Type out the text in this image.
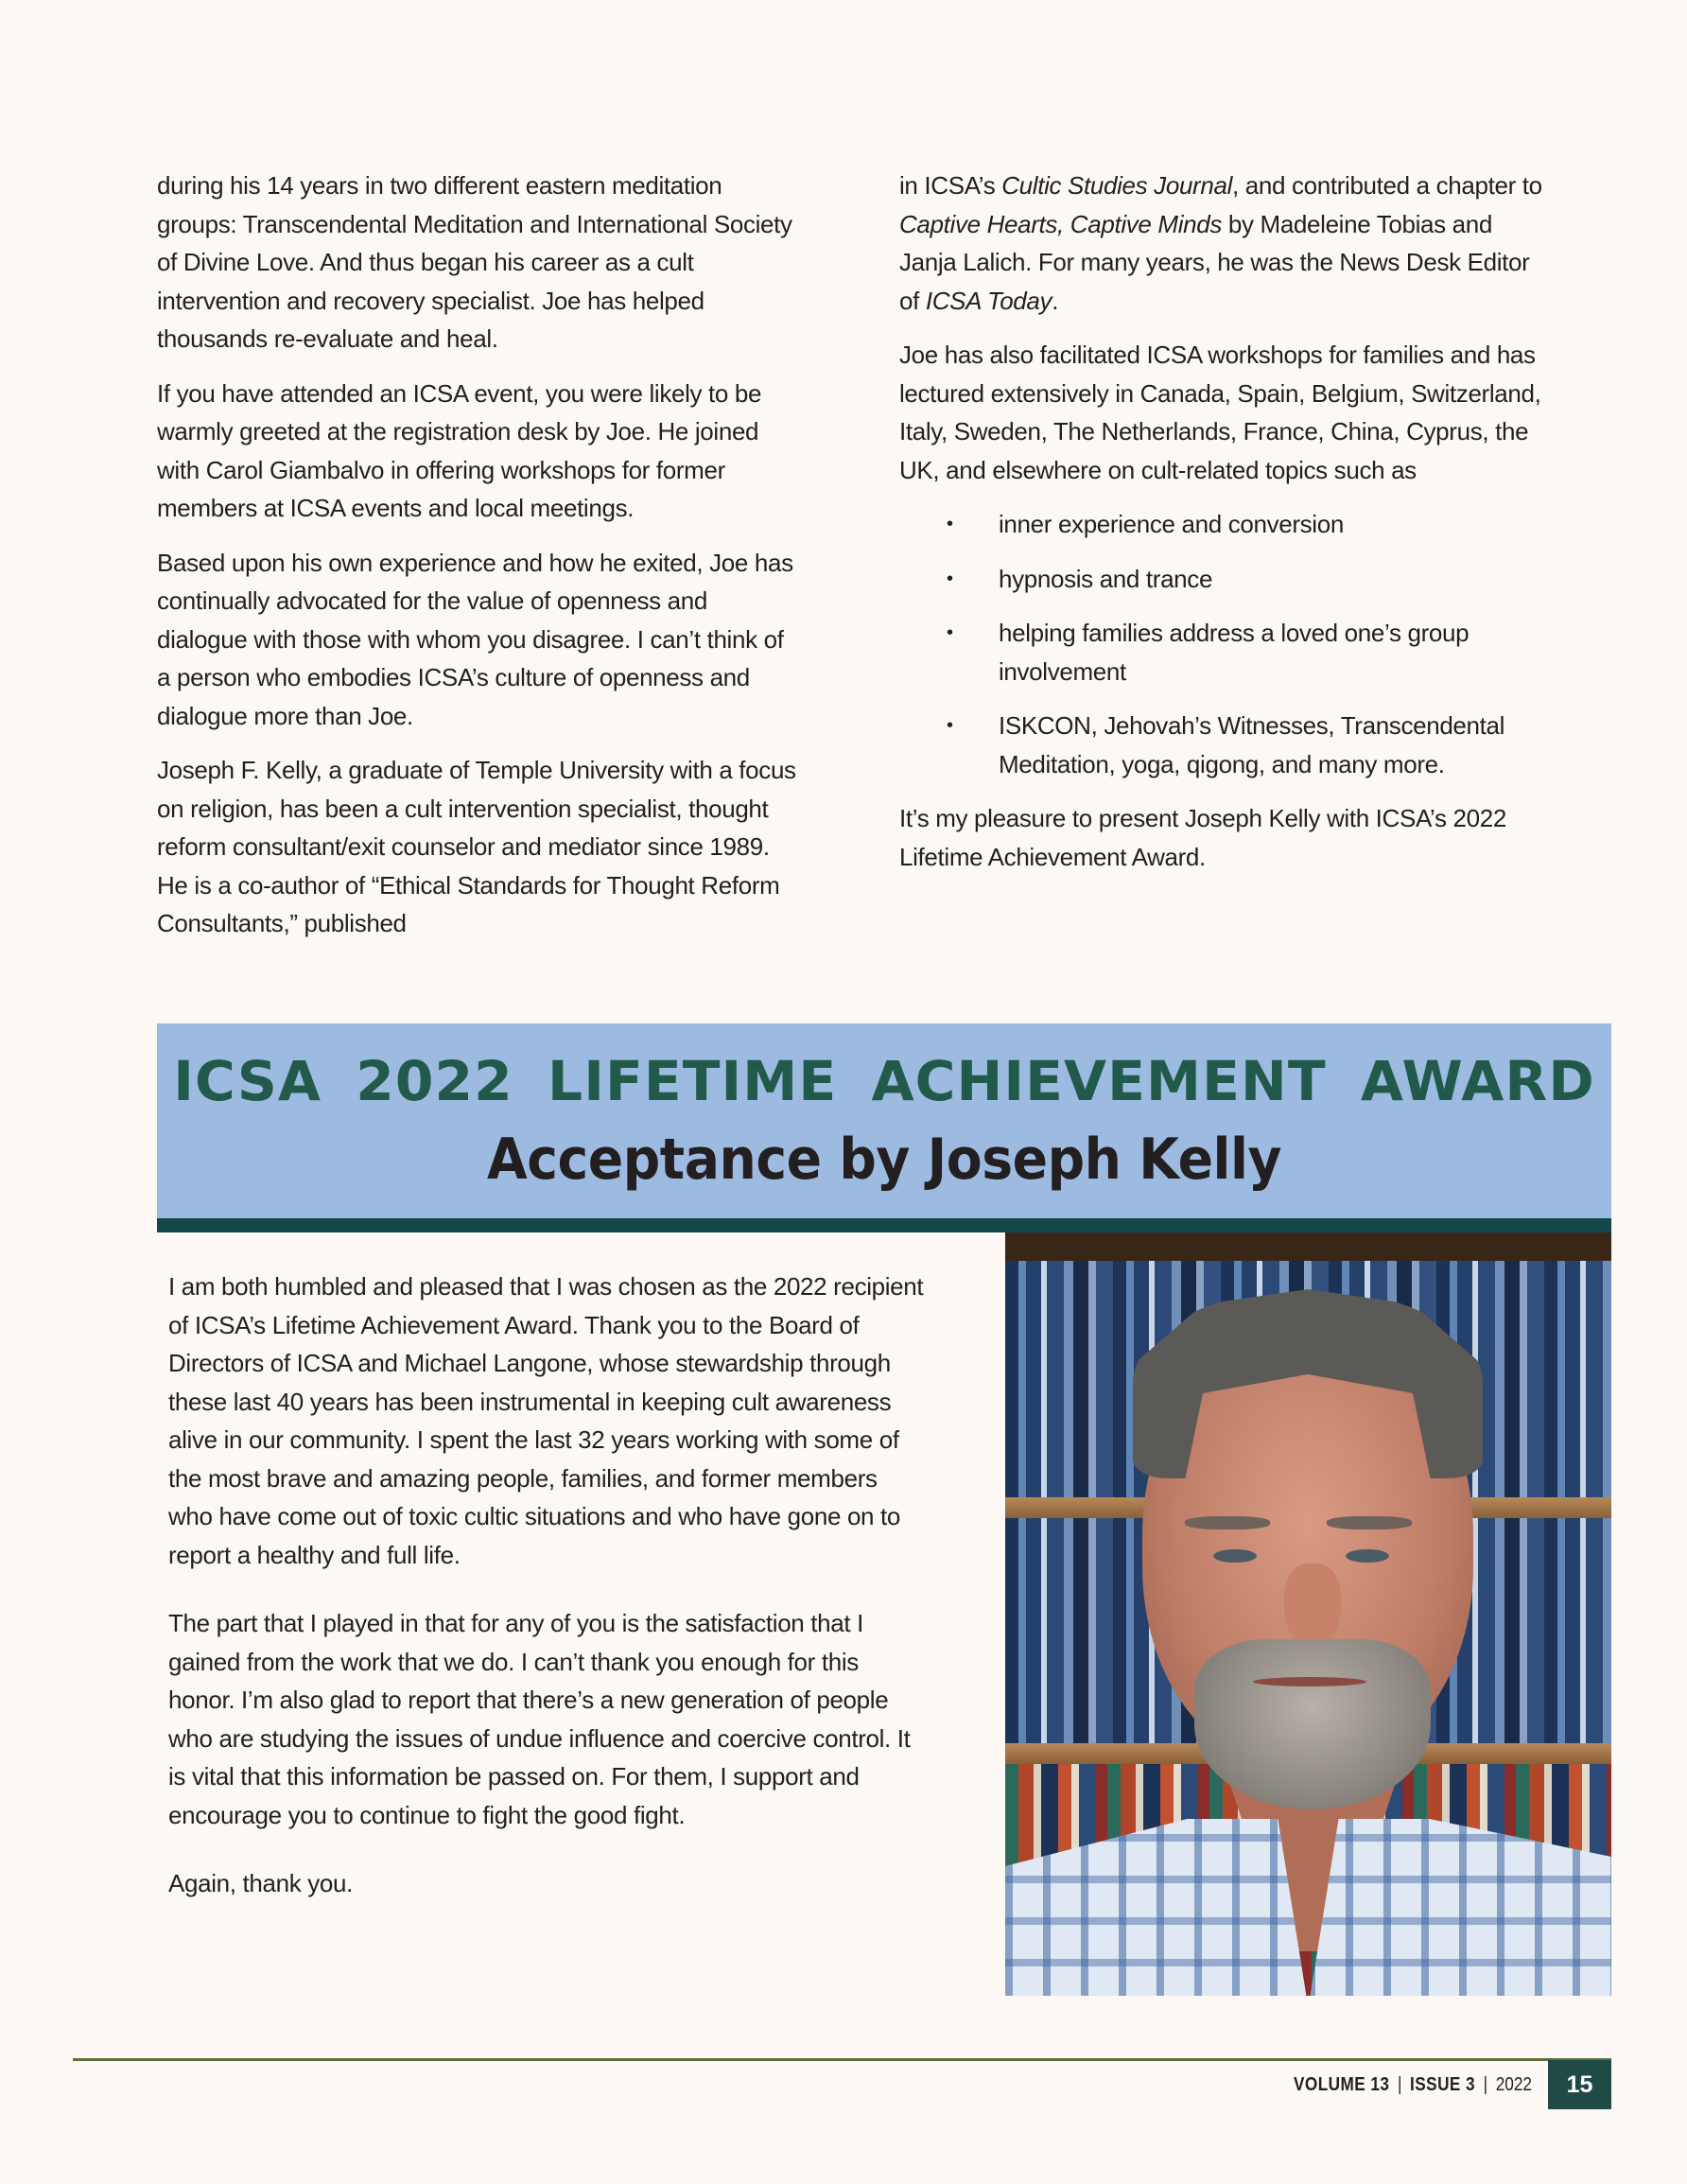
during his 14 years in two different eastern meditation groups: Transcendental Meditation and International Society of Divine Love. And thus began his career as a cult intervention and recovery specialist. Joe has helped thousands re-evaluate and heal.

If you have attended an ICSA event, you were likely to be warmly greeted at the registration desk by Joe. He joined with Carol Giambalvo in offering workshops for former members at ICSA events and local meetings.

Based upon his own experience and how he exited, Joe has continually advocated for the value of openness and dialogue with those with whom you disagree. I can’t think of a person who embodies ICSA’s culture of openness and dialogue more than Joe.

Joseph F. Kelly, a graduate of Temple University with a focus on religion, has been a cult intervention specialist, thought reform consultant/exit counselor and mediator since 1989. He is a co-author of “Ethical Standards for Thought Reform Consultants,” published

in ICSA’s Cultic Studies Journal, and contributed a chapter to Captive Hearts, Captive Minds by Madeleine Tobias and Janja Lalich. For many years, he was the News Desk Editor of ICSA Today.

Joe has also facilitated ICSA workshops for families and has lectured extensively in Canada, Spain, Belgium, Switzerland, Italy, Sweden, The Netherlands, France, China, Cyprus, the UK, and elsewhere on cult-related topics such as

• inner experience and conversion
• hypnosis and trance
• helping families address a loved one’s group involvement
• ISKCON, Jehovah’s Witnesses, Transcendental Meditation, yoga, qigong, and many more.

It’s my pleasure to present Joseph Kelly with ICSA’s 2022 Lifetime Achievement Award.

ICSA 2022 LIFETIME ACHIEVEMENT AWARD
Acceptance by Joseph Kelly

I am both humbled and pleased that I was chosen as the 2022 recipient of ICSA’s Lifetime Achievement Award. Thank you to the Board of Directors of ICSA and Michael Langone, whose stewardship through these last 40 years has been instrumental in keeping cult awareness alive in our community. I spent the last 32 years working with some of the most brave and amazing people, families, and former members who have come out of toxic cultic situations and who have gone on to report a healthy and full life.

The part that I played in that for any of you is the satisfaction that I gained from the work that we do. I can’t thank you enough for this honor. I’m also glad to report that there’s a new generation of people who are studying the issues of undue influence and coercive control. It is vital that this information be passed on. For them, I support and encourage you to continue to fight the good fight.

Again, thank you.

VOLUME 13 | ISSUE 3 | 2022	15
